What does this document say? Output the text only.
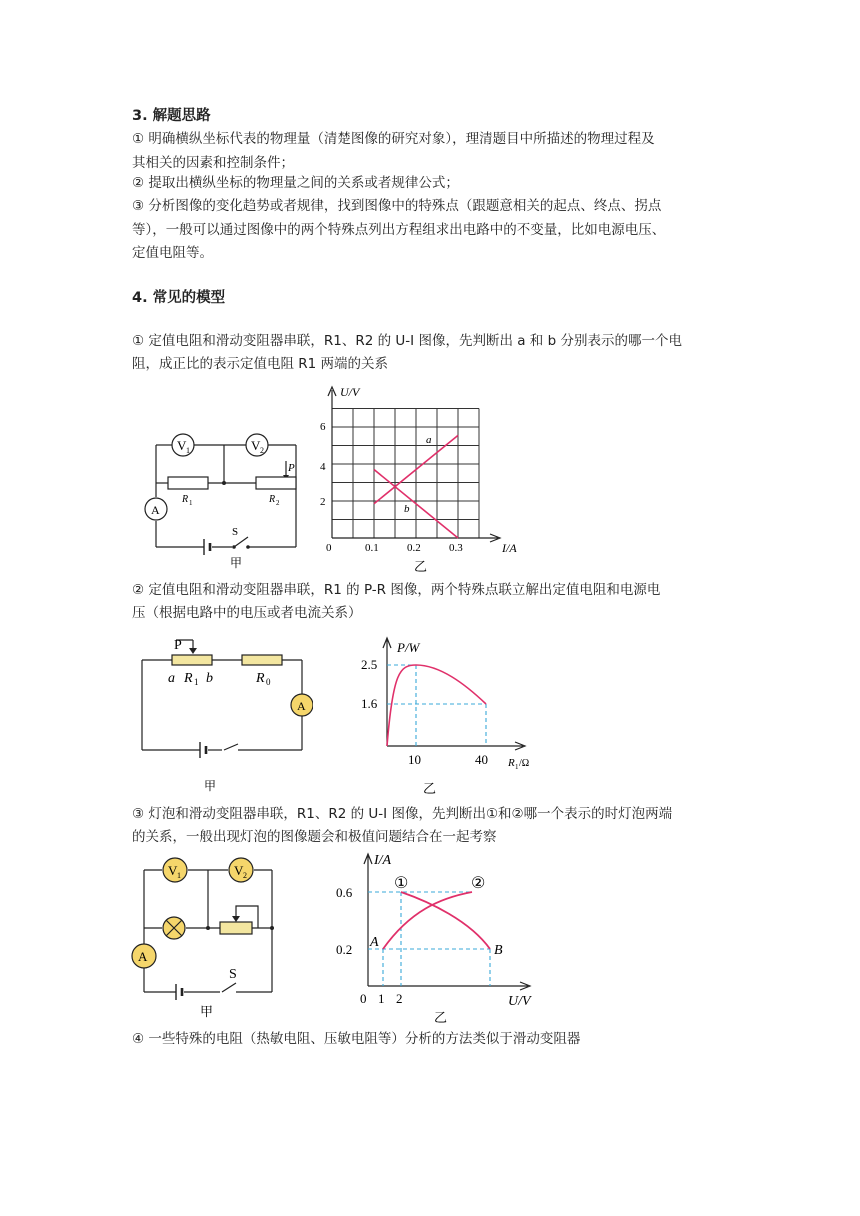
3. 解题思路
① 明确横纵坐标代表的物理量（清楚图像的研究对象），理清题目中所描述的物理过程及
其相关的因素和控制条件；
② 提取出横纵坐标的物理量之间的关系或者规律公式；
③ 分析图像的变化趋势或者规律，找到图像中的特殊点（跟题意相关的起点、终点、拐点
等），一般可以通过图像中的两个特殊点列出方程组求出电路中的不变量，比如电源电压、
定值电阻等。
4. 常见的模型
① 定值电阻和滑动变阻器串联，R1、R2 的 U-I 图像，先判断出 a 和 b 分别表示的哪一个电
阻，成正比的表示定值电阻 R1 两端的关系
V 1	V 2
P
R 1	R 2
A
S
甲
U/V
I/A
0
a
b
6
4
2
0.1	0.2	0.3
乙
② 定值电阻和滑动变阻器串联，R1 的 P-R 图像，两个特殊点联立解出定值电阻和电源电
压（根据电路中的电压或者电流关系）
P
a R 1 b	R 0
A
甲
P/W
2.5
1.6
10	40 R 1 /Ω
乙
③ 灯泡和滑动变阻器串联，R1、R2 的 U-I 图像，先判断出①和②哪一个表示的时灯泡两端
的关系，一般出现灯泡的图像题会和极值问题结合在一起考察
V 1	V 2
A
S
甲
I/A
0.6
0.2
0 1 2	U/V
①	②
A
B
乙
④ 一些特殊的电阻（热敏电阻、压敏电阻等）分析的方法类似于滑动变阻器
